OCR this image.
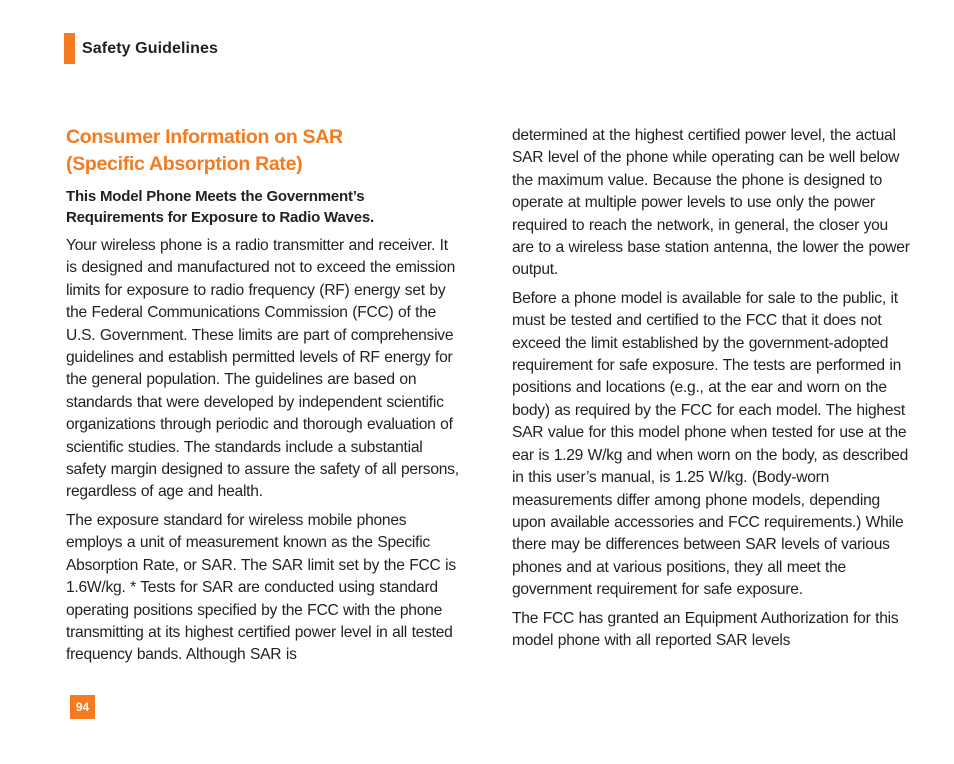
Safety Guidelines
Consumer Information on SAR
(Specific Absorption Rate)
This Model Phone Meets the Government’s
Requirements for Exposure to Radio Waves.

Your wireless phone is a radio transmitter and receiver. It is designed and manufactured not to exceed the emission limits for exposure to radio frequency (RF) energy set by the Federal Communications Commission (FCC) of the U.S. Government. These limits are part of comprehensive guidelines and establish permitted levels of RF energy for the general population. The guidelines are based on standards that were developed by independent scientific organizations through periodic and thorough evaluation of scientific studies. The standards include a substantial safety margin designed to assure the safety of all persons, regardless of age and health.

The exposure standard for wireless mobile phones employs a unit of measurement known as the Specific Absorption Rate, or SAR. The SAR limit set by the FCC is 1.6W/kg. * Tests for SAR are conducted using standard operating positions specified by the FCC with the phone transmitting at its highest certified power level in all tested frequency bands. Although SAR is

determined at the highest certified power level, the actual SAR level of the phone while operating can be well below the maximum value. Because the phone is designed to operate at multiple power levels to use only the power required to reach the network, in general, the closer you are to a wireless base station antenna, the lower the power output.

Before a phone model is available for sale to the public, it must be tested and certified to the FCC that it does not exceed the limit established by the government-adopted requirement for safe exposure. The tests are performed in positions and locations (e.g., at the ear and worn on the body) as required by the FCC for each model. The highest SAR value for this model phone when tested for use at the ear is 1.29 W/kg and when worn on the body, as described in this user’s manual, is 1.25 W/kg. (Body-worn measurements differ among phone models, depending upon available accessories and FCC requirements.) While there may be differences between SAR levels of various phones and at various positions, they all meet the government requirement for safe exposure.

The FCC has granted an Equipment Authorization for this model phone with all reported SAR levels

94
